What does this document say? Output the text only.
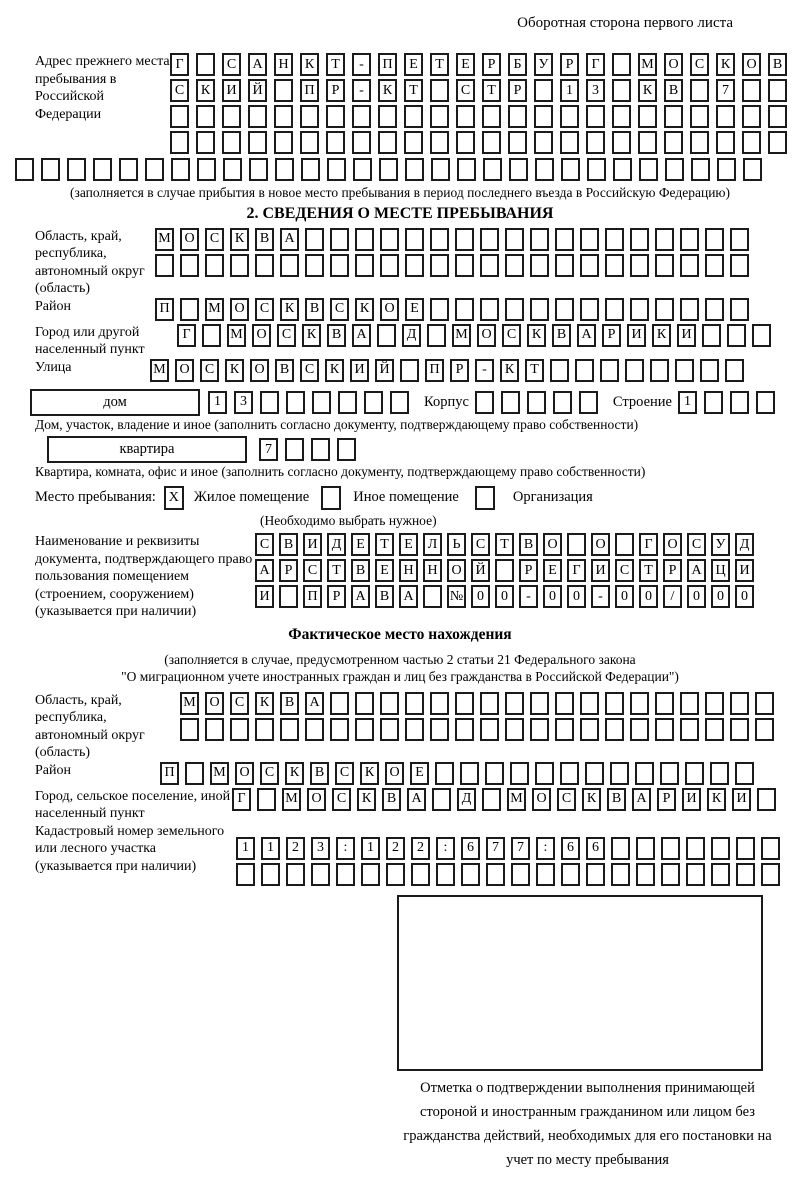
Оборотная сторона первого листа
Адрес прежнего места пребывания в Российской Федерации
Г	С	А	Н	К	Т	-	П	Е	Т	Е	Р	Б	У	Р	Г	М	О	С	К	О	В
С	К	И	Й	П	Р	-	К	Т	С	Т	Р	1	3	К	В	7
(заполняется в случае прибытия в новое место пребывания в период последнего въезда в Российскую Федерацию)
2. СВЕДЕНИЯ О МЕСТЕ ПРЕБЫВАНИЯ
Область, край, республика, автономный округ (область)
М О	С	К	В	А
Район	П	М О	С	К	В	С	К	О	Е
Город или другой населенный пункт
Г	М О	С	К	В	А	Д	М О	С	К	В	А	Р	И	К	И
Улица	М О	С	К	О	В	С	К	И	Й	П	Р	-	К	Т
дом	1	3	Корпус	Строение 1
Дом, участок, владение и иное (заполнить согласно документу, подтверждающему право собственности)
квартира	7
Квартира, комната, офис и иное (заполнить согласно документу, подтверждающему право собственности)
Место пребывания: X	Жилое помещение	Иное помещение	Организация
(Необходимо выбрать нужное)
Наименование и реквизиты документа, подтверждающего право пользования помещением (строением, сооружением) (указывается при наличии)
С	В	И	Д	Е	Т	Е	Л	Ь	С	Т	В	О	О	Г	О	С	У	Д
А	Р	С	Т	В	Е	Н Н О Й	Р	Е	Г	И	С	Т	Р	А Ц И
И	П	Р	А	В	А	№ 0	0	-	0	0	-	0	0	/	0	0	0
Фактическое место нахождения
(заполняется в случае, предусмотренном частью 2 статьи 21 Федерального закона
"О миграционном учете иностранных граждан и лиц без гражданства в Российской Федерации")
Область, край, республика, автономный округ (область)
М О	С	К	В	А
Район	П	М О	С	К	В	С	К	О	Е
Город, сельское поселение, иной населенный пункт
Г	М О	С	К	В	А	Д	М О	С	К	В	А	Р	И	К	И
Кадастровый номер земельного или лесного участка (указывается при наличии)
1	1	2	3	:	1	2	2	:	6	7	7	:	6	6
Отметка о подтверждении выполнения принимающей стороной и иностранным гражданином или лицом без гражданства действий, необходимых для его постановки на учет по месту пребывания
